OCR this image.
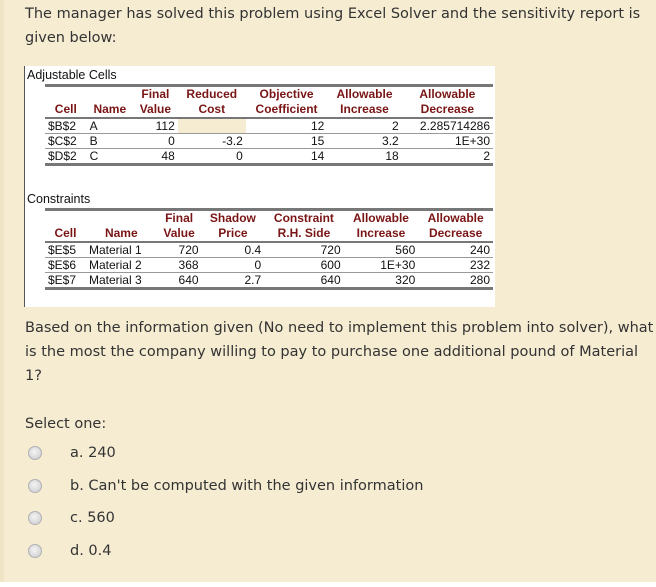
The manager has solved this problem using Excel Solver and the sensitivity report is given below:
Adjustable Cells
		Final	Reduced	Objective	Allowable	Allowable
Cell	Name	Value	Cost	Coefficient	Increase	Decrease
$B$2	A	112		12	2	2.285714286
$C$2	B	0	-3.2	15	3.2	1E+30
$D$2	C	48	0	14	18	2
Constraints
		Final	Shadow	Constraint	Allowable	Allowable
Cell	Name	Value	Price	R.H. Side	Increase	Decrease
$E$5	Material 1	720	0.4	720	560	240
$E$6	Material 2	368	0	600	1E+30	232
$E$7	Material 3	640	2.7	640	320	280
Based on the information given (No need to implement this problem into solver), what is the most the company willing to pay to purchase one additional pound of Material 1?
Select one:
a. 240
b. Can't be computed with the given information
c. 560
d. 0.4
